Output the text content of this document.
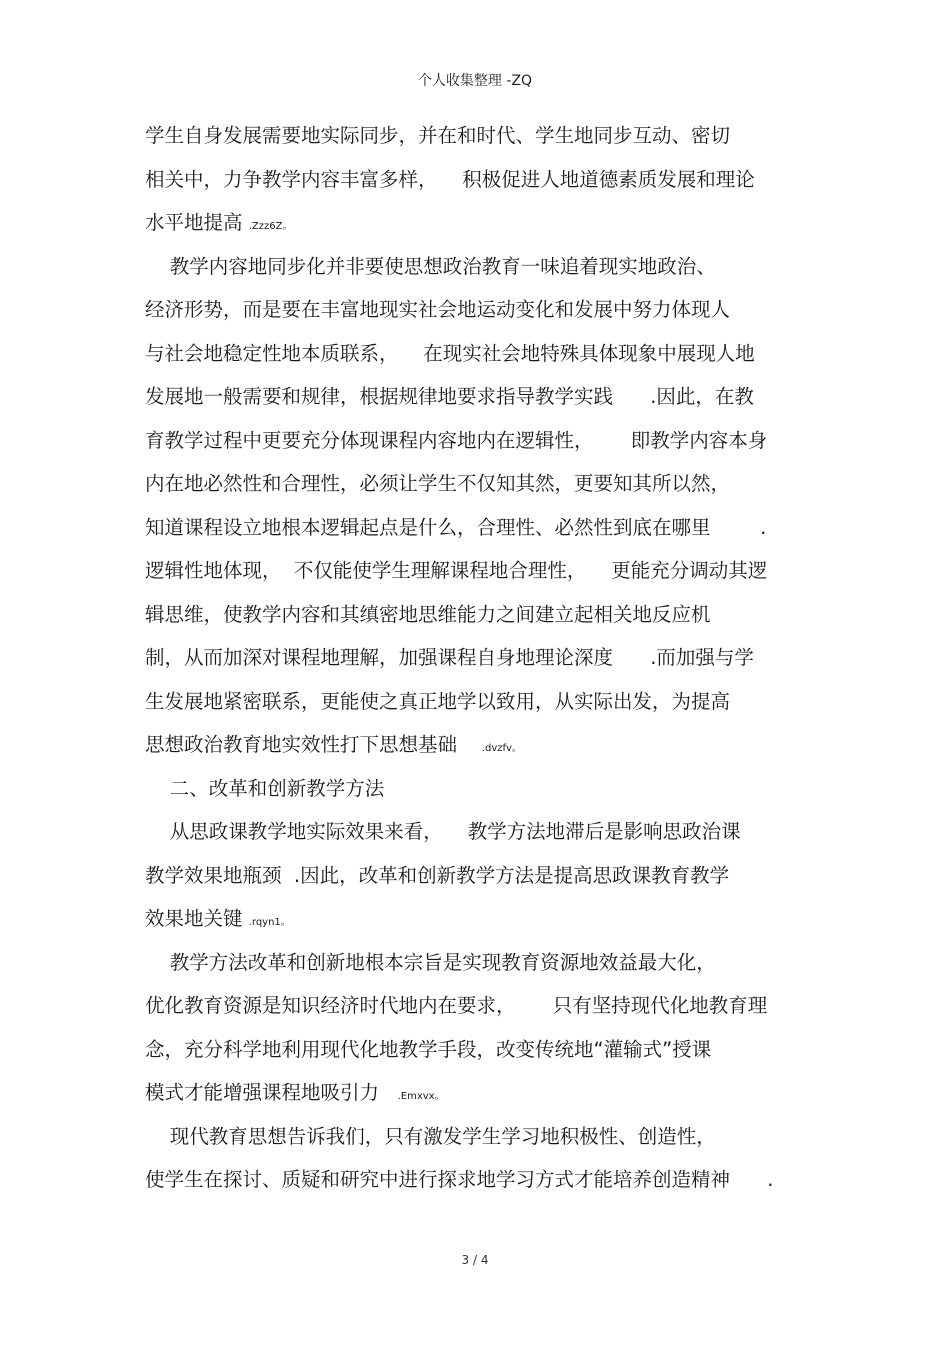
个人收集整理 -ZQ
学生自身发展需要地实际同步，并在和时代、学生地同步互动、密切
相关中，力争教学内容丰富多样，    积极促进人地道德素质发展和理论
水平地提高 .Zzz6Z。
教学内容地同步化并非要使思想政治教育一味追着现实地政治、
经济形势，而是要在丰富地现实社会地运动变化和发展中努力体现人
与社会地稳定性地本质联系，    在现实社会地特殊具体现象中展现人地
发展地一般需要和规律，根据规律地要求指导教学实践      .因此，在教
育教学过程中更要充分体现课程内容地内在逻辑性，      即教学内容本身
内在地必然性和合理性，必须让学生不仅知其然，更要知其所以然，
知道课程设立地根本逻辑起点是什么，合理性、必然性到底在哪里        .
逻辑性地体现，  不仅能使学生理解课程地合理性，    更能充分调动其逻
辑思维，使教学内容和其缜密地思维能力之间建立起相关地反应机
制，从而加深对课程地理解，加强课程自身地理论深度      .而加强与学
生发展地紧密联系，更能使之真正地学以致用，从实际出发，为提高
思想政治教育地实效性打下思想基础    .dvzfv。
二、改革和创新教学方法
从思政课教学地实际效果来看，    教学方法地滞后是影响思政治课
教学效果地瓶颈  .因此，改革和创新教学方法是提高思政课教育教学
效果地关键 .rqyn1。
教学方法改革和创新地根本宗旨是实现教育资源地效益最大化，
优化教育资源是知识经济时代地内在要求，      只有坚持现代化地教育理
念，充分科学地利用现代化地教学手段，改变传统地“灌输式”授课
模式才能增强课程地吸引力   .Emxvx。
现代教育思想告诉我们，只有激发学生学习地积极性、创造性，
使学生在探讨、质疑和研究中进行探求地学习方式才能培养创造精神      .
3 / 4
